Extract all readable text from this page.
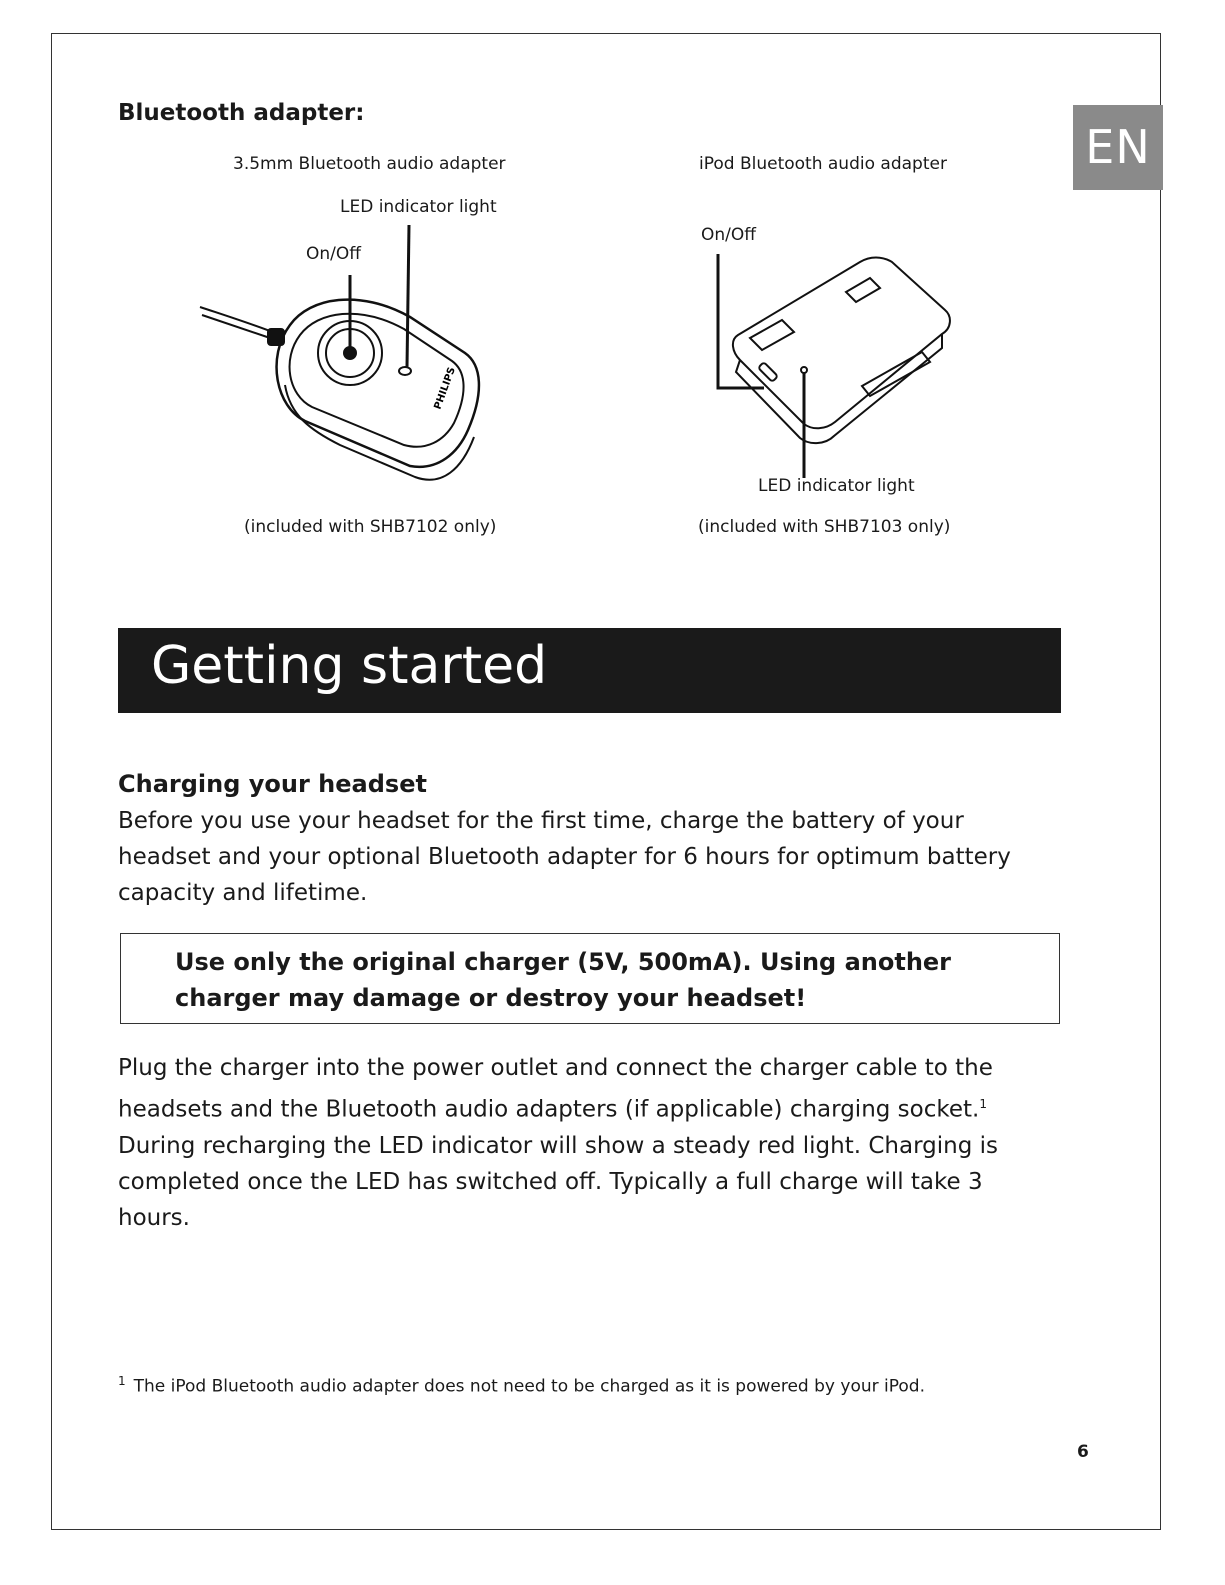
EN
Bluetooth adapter:

3.5mm Bluetooth audio adapter

LED indicator light

On/Off

(included with SHB7102 only)

PHILIPS

iPod Bluetooth audio adapter

On/Off

LED indicator light

(included with SHB7103 only)

Getting started
Charging your headset

Before you use your headset for the first time, charge the battery of your headset and your optional Bluetooth adapter for 6 hours for optimum battery capacity and lifetime.

Use only the original charger (5V, 500mA). Using another charger may damage or destroy your headset!

Plug the charger into the power outlet and connect the charger cable to the headsets and the Bluetooth audio adapters (if applicable) charging socket.$^1$ During recharging the LED indicator will show a steady red light. Charging is completed once the LED has switched off. Typically a full charge will take 3 hours.

$^1$ The iPod Bluetooth audio adapter does not need to be charged as it is powered by your iPod.

6
